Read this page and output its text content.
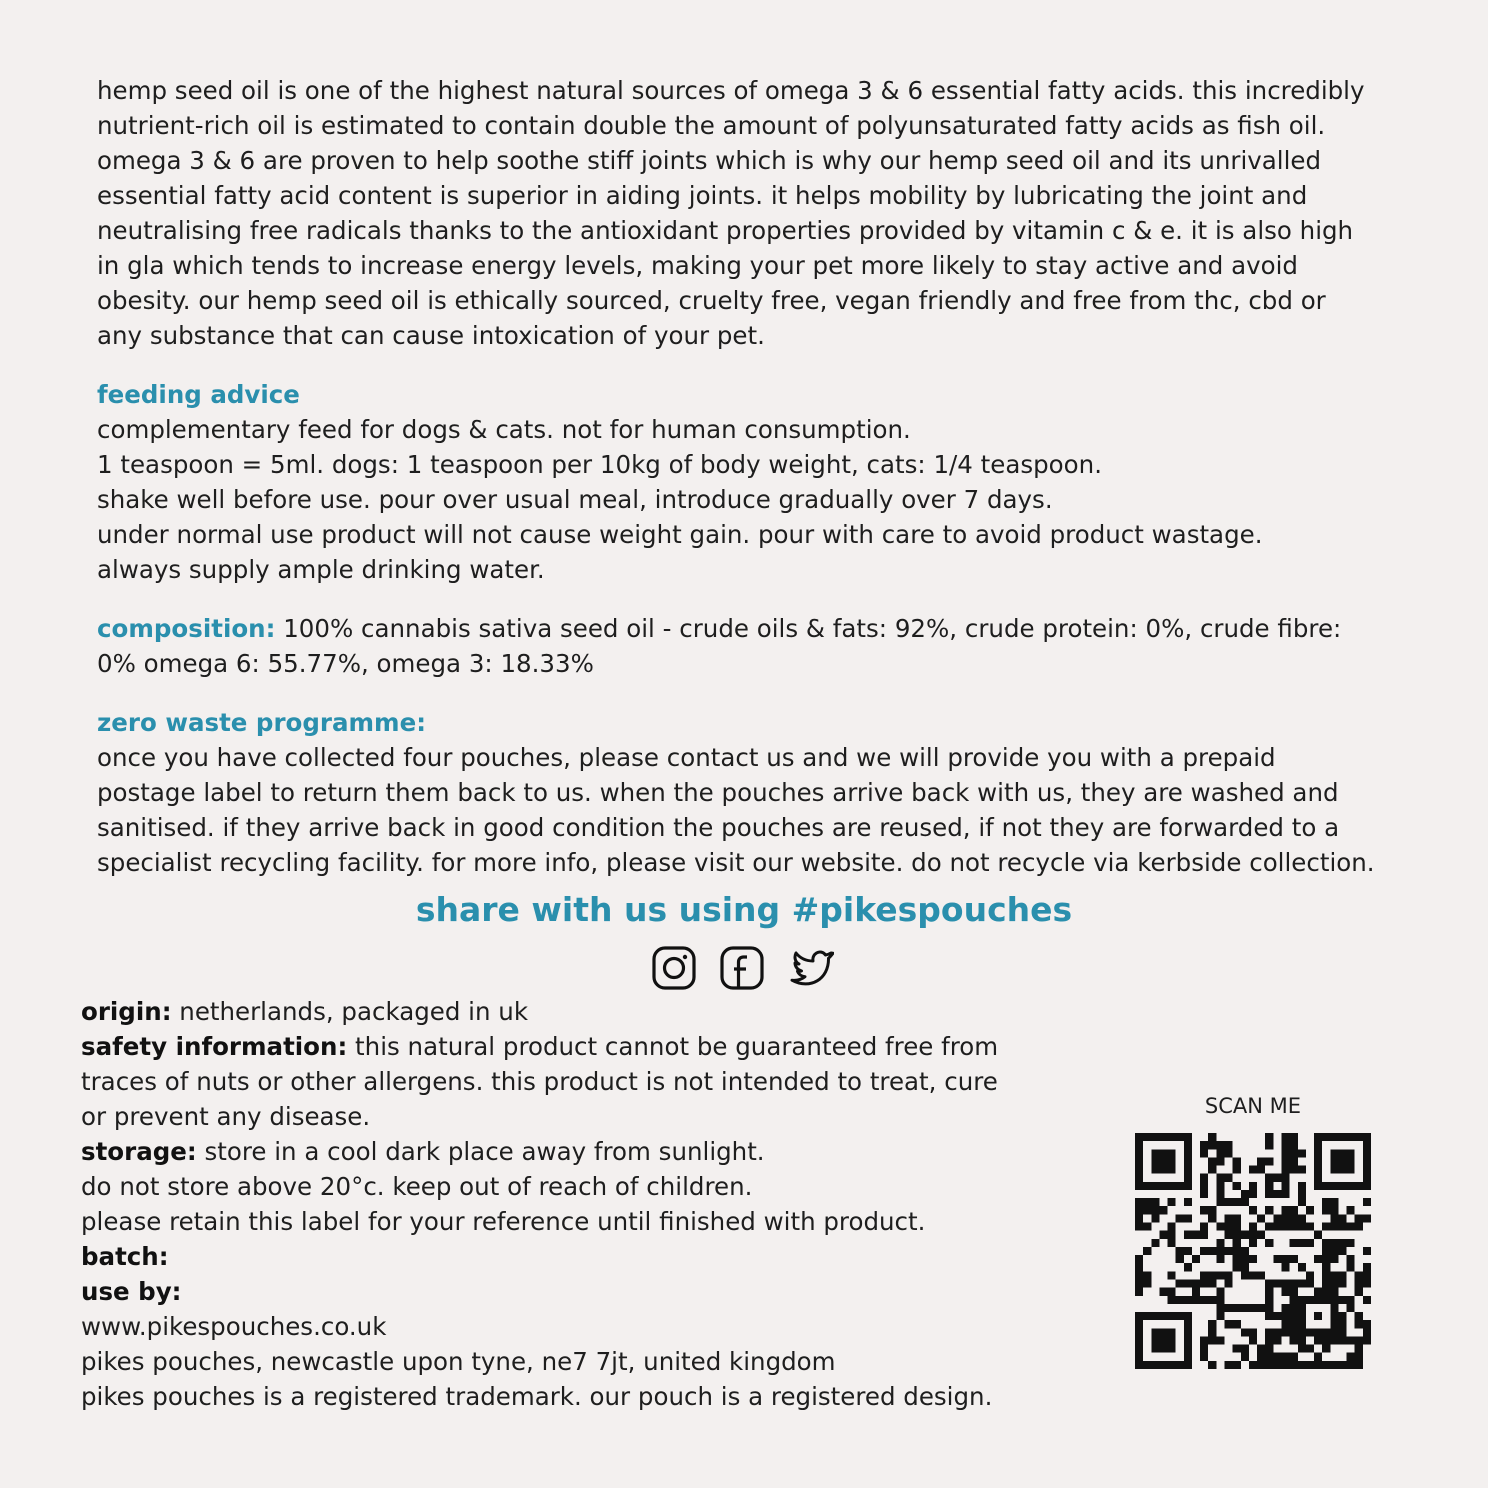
hemp seed oil is one of the highest natural sources of omega 3 & 6 essential fatty acids. this incredibly

nutrient-rich oil is estimated to contain double the amount of polyunsaturated fatty acids as fish oil.

omega 3 & 6 are proven to help soothe stiff joints which is why our hemp seed oil and its unrivalled

essential fatty acid content is superior in aiding joints. it helps mobility by lubricating the joint and

neutralising free radicals thanks to the antioxidant properties provided by vitamin c & e. it is also high

in gla which tends to increase energy levels, making your pet more likely to stay active and avoid

obesity. our hemp seed oil is ethically sourced, cruelty free, vegan friendly and free from thc, cbd or

any substance that can cause intoxication of your pet.

feeding advice

complementary feed for dogs & cats. not for human consumption.

1 teaspoon = 5ml. dogs: 1 teaspoon per 10kg of body weight, cats: 1/4 teaspoon.

shake well before use. pour over usual meal, introduce gradually over 7 days.

under normal use product will not cause weight gain. pour with care to avoid product wastage.

always supply ample drinking water.

composition: 100% cannabis sativa seed oil - crude oils & fats: 92%, crude protein: 0%, crude fibre:

0% omega 6: 55.77%, omega 3: 18.33%

zero waste programme:

once you have collected four pouches, please contact us and we will provide you with a prepaid

postage label to return them back to us. when the pouches arrive back with us, they are washed and

sanitised. if they arrive back in good condition the pouches are reused, if not they are forwarded to a

specialist recycling facility. for more info, please visit our website. do not recycle via kerbside collection.

share with us using #pikespouches

origin: netherlands, packaged in uk

safety information: this natural product cannot be guaranteed free from

traces of nuts or other allergens. this product is not intended to treat, cure

or prevent any disease.

storage: store in a cool dark place away from sunlight.

do not store above 20°c. keep out of reach of children.

please retain this label for your reference until finished with product.

batch:

use by:

www.pikespouches.co.uk

pikes pouches, newcastle upon tyne, ne7 7jt, united kingdom

pikes pouches is a registered trademark. our pouch is a registered design.

SCAN ME
